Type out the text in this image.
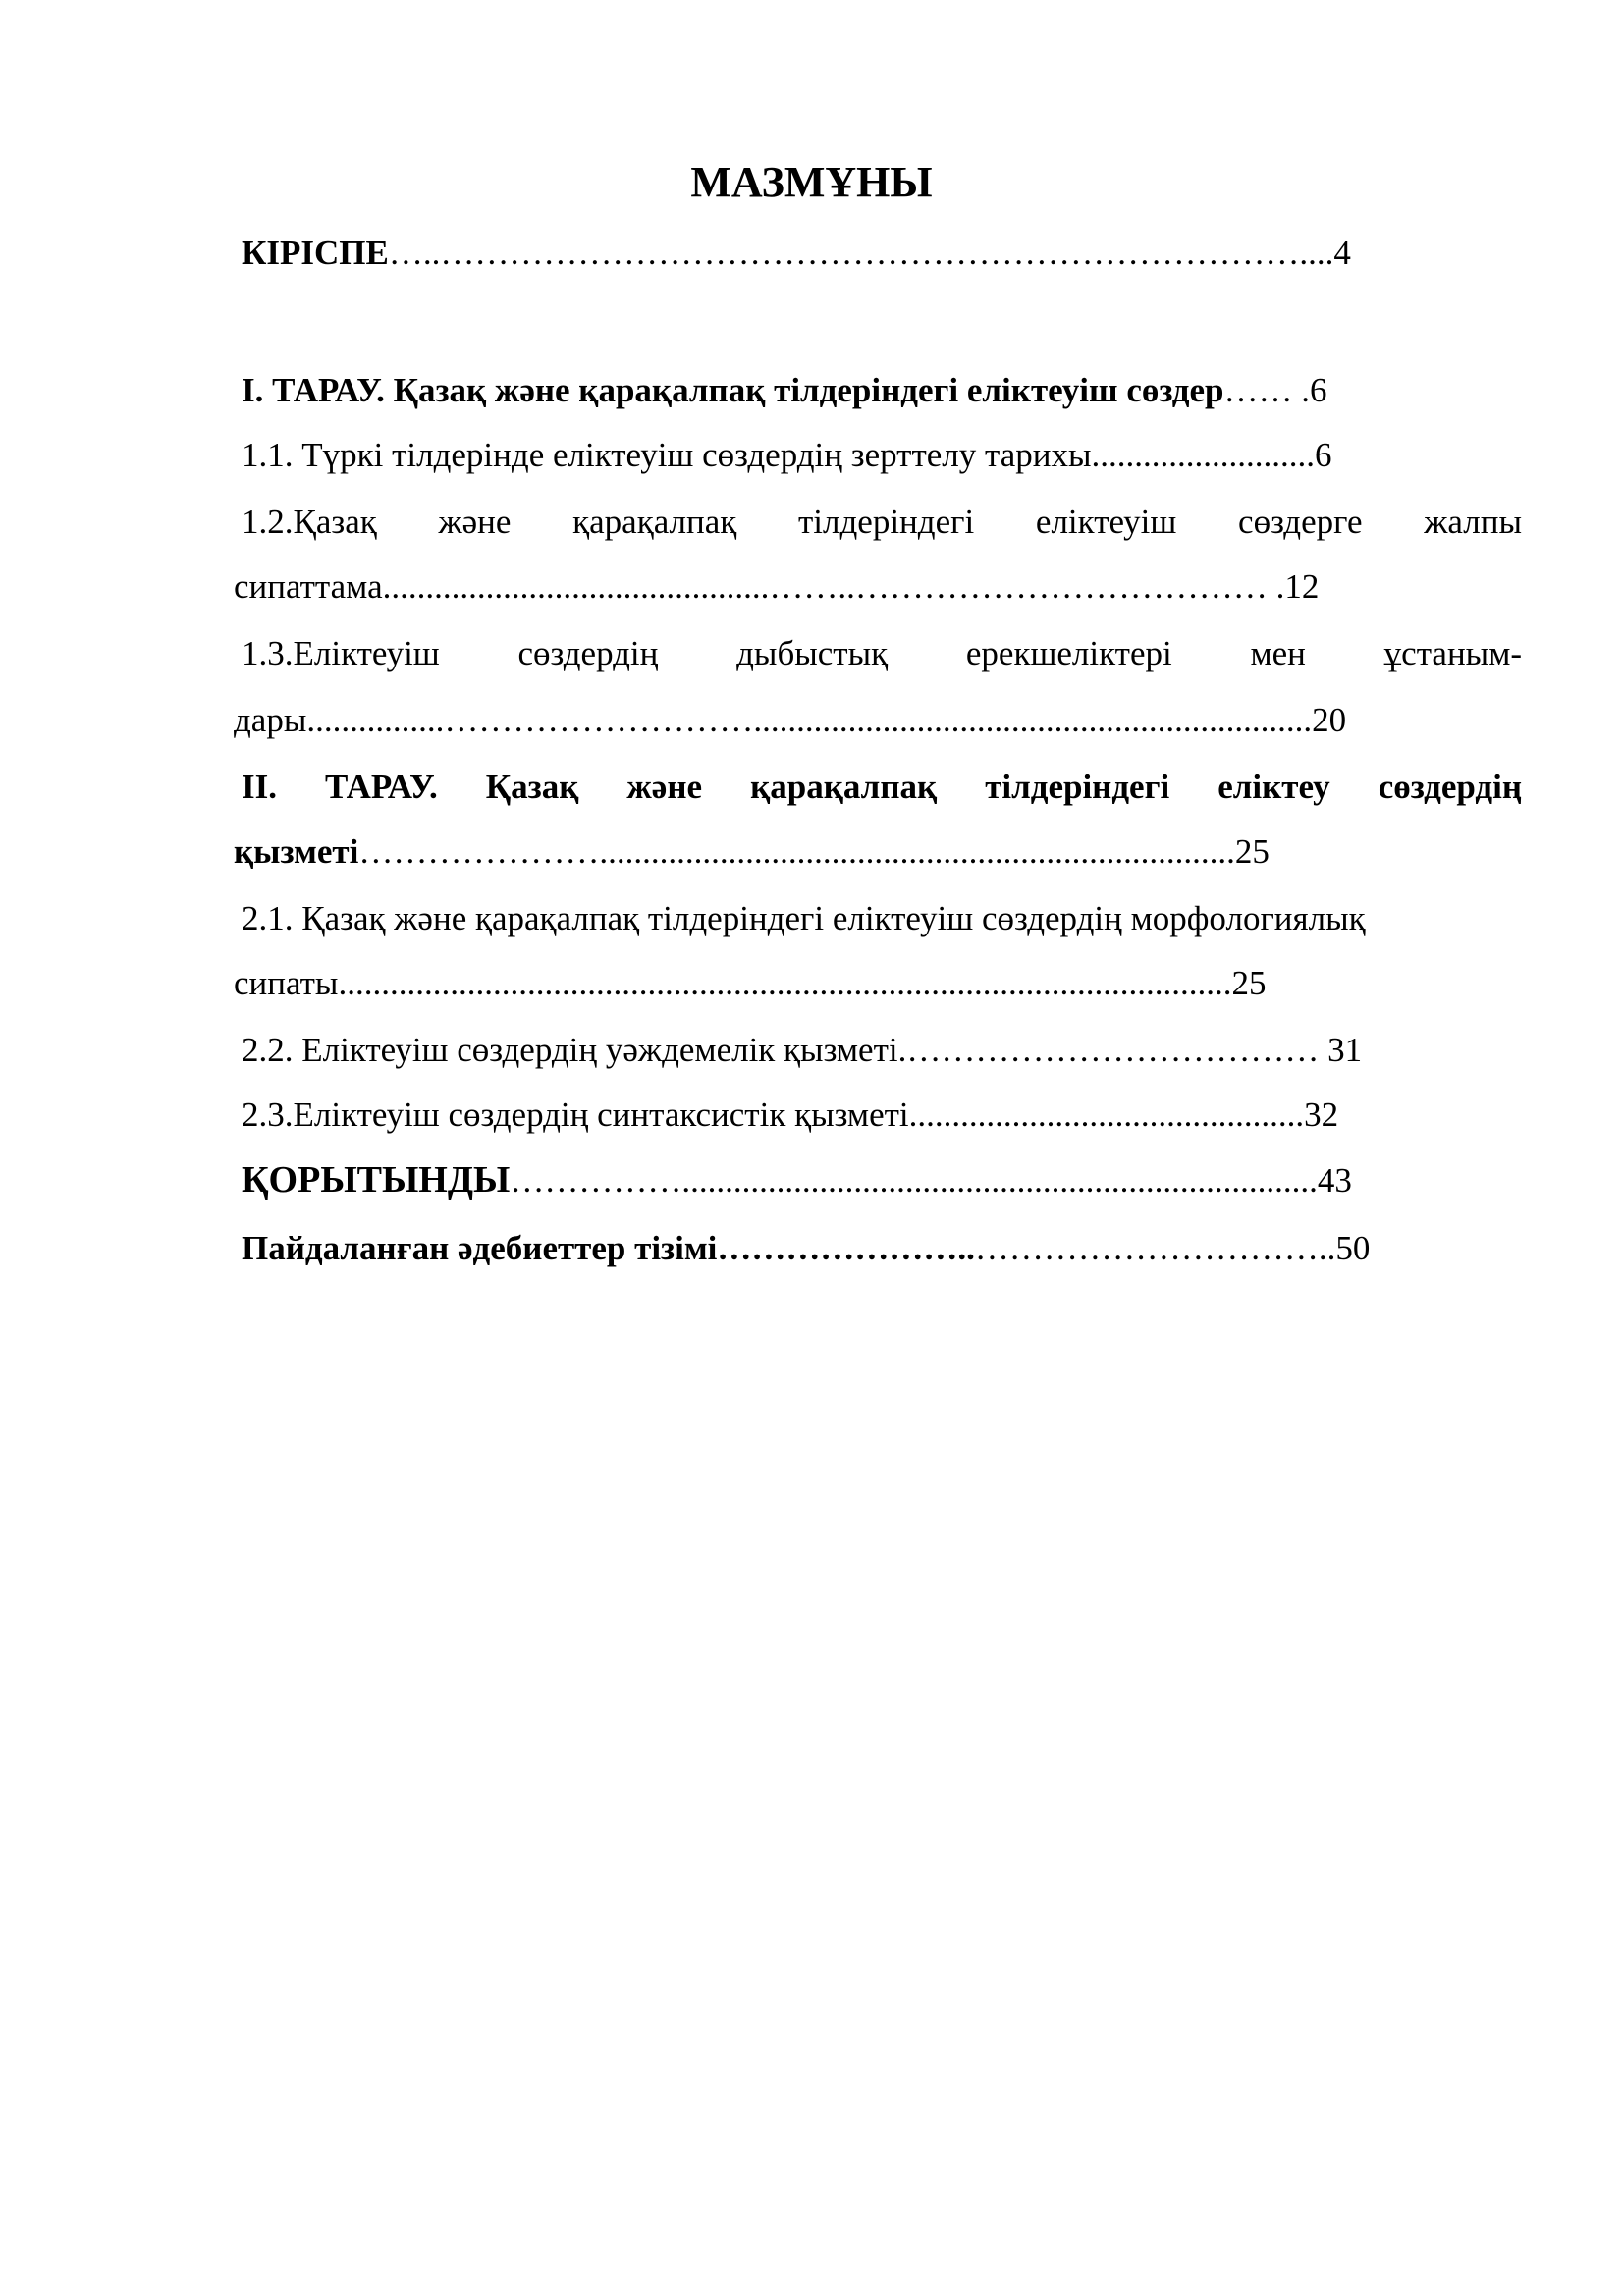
МАЗМҰНЫ
КІРІСПЕ…..…………………………………………………………………....4
І. ТАРАУ. Қазақ және қарақалпақ тілдеріндегі еліктеуіш сөздер…… .6
1.1. Түркі тілдерінде еліктеуіш сөздердің зерттелу тарихы..........................6
1.2.Қазақ және қарақалпақ тілдеріндегі еліктеуіш сөздерге жалпы
сипаттама.............................................……..……………………………… .12
1.3.Еліктеуіш сөздердің дыбыстық ерекшеліктері мен ұстаным-
дары................……………………….................................................................20
ІІ. ТАРАУ. Қазақ және қарақалпақ тілдеріндегі еліктеу сөздердің
қызметі…………………..........................................................................25
2.1. Қазақ және қарақалпақ тілдеріндегі еліктеуіш сөздердің морфологиялық
сипаты........................................................................................................25
2.2. Еліктеуіш сөздердің уәждемелік қызметі.……………………………… 31
2.3.Еліктеуіш сөздердің синтаксистік қызметі..............................................32
ҚОРЫТЫНДЫ……………..........................................................................43
Пайдаланған әдебиеттер тізімі…………………..…………………………..50
